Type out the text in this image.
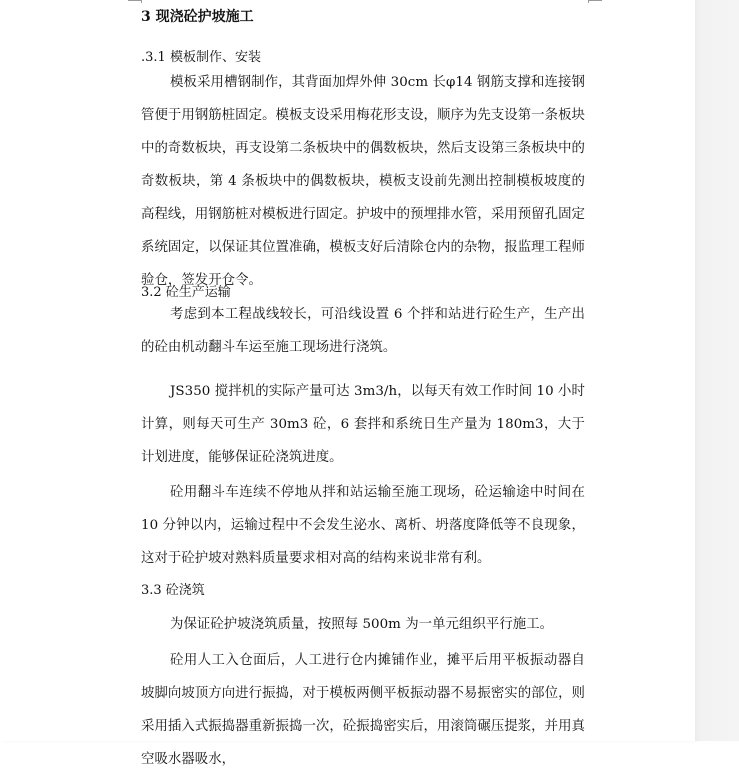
3 现浇砼护坡施工
.3.1 模板制作、安装

模板采用槽钢制作，其背面加焊外伸 30cm 长φ14 钢筋支撑和连接钢管便于用钢筋桩固定。模板支设采用梅花形支设，顺序为先支设第一条板块中的奇数板块，再支设第二条板块中的偶数板块，然后支设第三条板块中的奇数板块，第 4 条板块中的偶数板块，模板支设前先测出控制模板坡度的高程线，用钢筋桩对模板进行固定。护坡中的预埋排水管，采用预留孔固定系统固定，以保证其位置准确，模板支好后清除仓内的杂物，报监理工程师验仓，签发开仓令。

3.2 砼生产运输

考虑到本工程战线较长，可沿线设置 6 个拌和站进行砼生产，生产出的砼由机动翻斗车运至施工现场进行浇筑。

JS350 搅拌机的实际产量可达 3m3/h，以每天有效工作时间 10 小时计算，则每天可生产 30m3 砼，6 套拌和系统日生产量为 180m3，大于计划进度，能够保证砼浇筑进度。

砼用翻斗车连续不停地从拌和站运输至施工现场，砼运输途中时间在 10 分钟以内，运输过程中不会发生泌水、离析、坍落度降低等不良现象，这对于砼护坡对熟料质量要求相对高的结构来说非常有利。

3.3 砼浇筑

为保证砼护坡浇筑质量，按照每 500m 为一单元组织平行施工。

砼用人工入仓面后，人工进行仓内摊铺作业，摊平后用平板振动器自坡脚向坡顶方向进行振捣，对于模板两侧平板振动器不易振密实的部位，则采用插入式振捣器重新振捣一次，砼振捣密实后，用滚筒碾压提浆，并用真空吸水器吸水，
